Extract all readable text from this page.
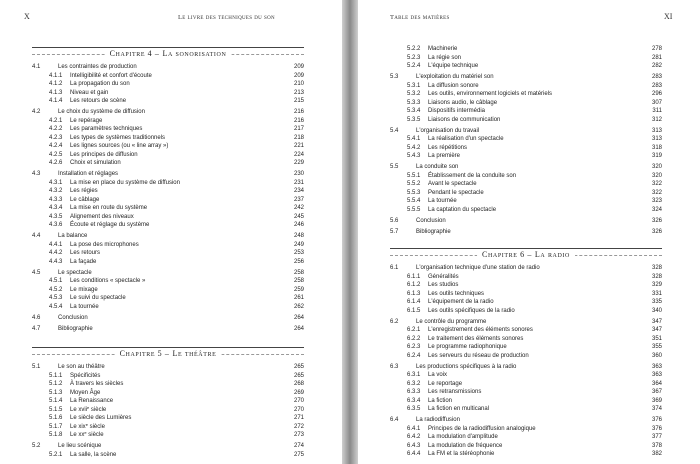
X	Le livre des techniques du son
Chapitre 4 – La sonorisation
4.1	Les contraintes de production	209
4.1.1 Intelligibilité et confort d'écoute	209
4.1.2 La propagation du son	210
4.1.3 Niveau et gain	213
4.1.4 Les retours de scène	215
4.2	Le choix du système de diffusion	216
4.2.1 Le repérage	216
4.2.2 Les paramètres techniques	217
4.2.3 Les types de systèmes traditionnels	218
4.2.4 Les lignes sources (ou « line array »)	221
4.2.5 Les principes de diffusion	224
4.2.6 Choix et simulation	229
4.3	Installation et réglages	230
4.3.1 La mise en place du système de diffusion	231
4.3.2 Les régies	234
4.3.3 Le câblage	237
4.3.4 La mise en route du système	242
4.3.5 Alignement des niveaux	245
4.3.6 Écoute et réglage du système	246
4.4	La balance	248
4.4.1 La pose des microphones	249
4.4.2 Les retours	253
4.4.3 La façade	256
4.5	Le spectacle	258
4.5.1 Les conditions « spectacle »	258
4.5.2 Le mixage	259
4.5.3 Le suivi du spectacle	261
4.5.4 La tournée	262
4.6	Conclusion	264
4.7	Bibliographie	264
Chapitre 5 – Le théâtre
5.1	Le son au théâtre	265
5.1.1 Spécificités	265
5.1.2 À travers les siècles	268
5.1.3 Moyen Âge	269
5.1.4 La Renaissance	270
5.1.5 Le xvii$^e$ siècle	270
5.1.6 Le siècle des Lumières	271
5.1.7 Le xix$^e$ siècle	272
5.1.8 Le $xx^e$ siècle	273
5.2	Le lieu scénique	274
5.2.1 La salle, la scène	275
Table des matières	XI
5.2.2 Machinerie	278
5.2.3 La régie son	281
5.2.4 L'équipe technique	282
5.3	L'exploitation du matériel son	283
5.3.1 La diffusion sonore	283
5.3.2 Les outils, environnement logiciels et matériels	296
5.3.3 Liaisons audio, le câblage	307
5.3.4 Dispositifs intermédia	311
5.3.5 Liaisons de communication	312
5.4	L'organisation du travail	313
5.4.1 La réalisation d'un spectacle	313
5.4.2 Les répétitions	318
5.4.3 La première	319
5.5	La conduite son	320
5.5.1 Établissement de la conduite son	320
5.5.2 Avant le spectacle	322
5.5.3 Pendant le spectacle	322
5.5.4 La tournée	323
5.5.5 La captation du spectacle	324
5.6	Conclusion	326
5.7	Bibliographie	326
Chapitre 6 – La radio
6.1	L'organisation technique d'une station de radio	328
6.1.1 Généralités	328
6.1.2 Les studios	329
6.1.3 Les outils techniques	331
6.1.4 L'équipement de la radio	335
6.1.5 Les outils spécifiques de la radio	340
6.2	Le contrôle du programme	347
6.2.1 L'enregistrement des éléments sonores	347
6.2.2 Le traitement des éléments sonores	351
6.2.3 Le programme radiophonique	355
6.2.4 Les serveurs du réseau de production	360
6.3	Les productions spécifiques à la radio	363
6.3.1 La voix	363
6.3.2 Le reportage	364
6.3.3 Les retransmissions	367
6.3.4 La fiction	369
6.3.5 La fiction en multicanal	374
6.4	La radiodiffusion	376
6.4.1 Principes de la radiodiffusion analogique	376
6.4.2 La modulation d'amplitude	377
6.4.3 La modulation de fréquence	378
6.4.4 La FM et la stéréophonie	382
